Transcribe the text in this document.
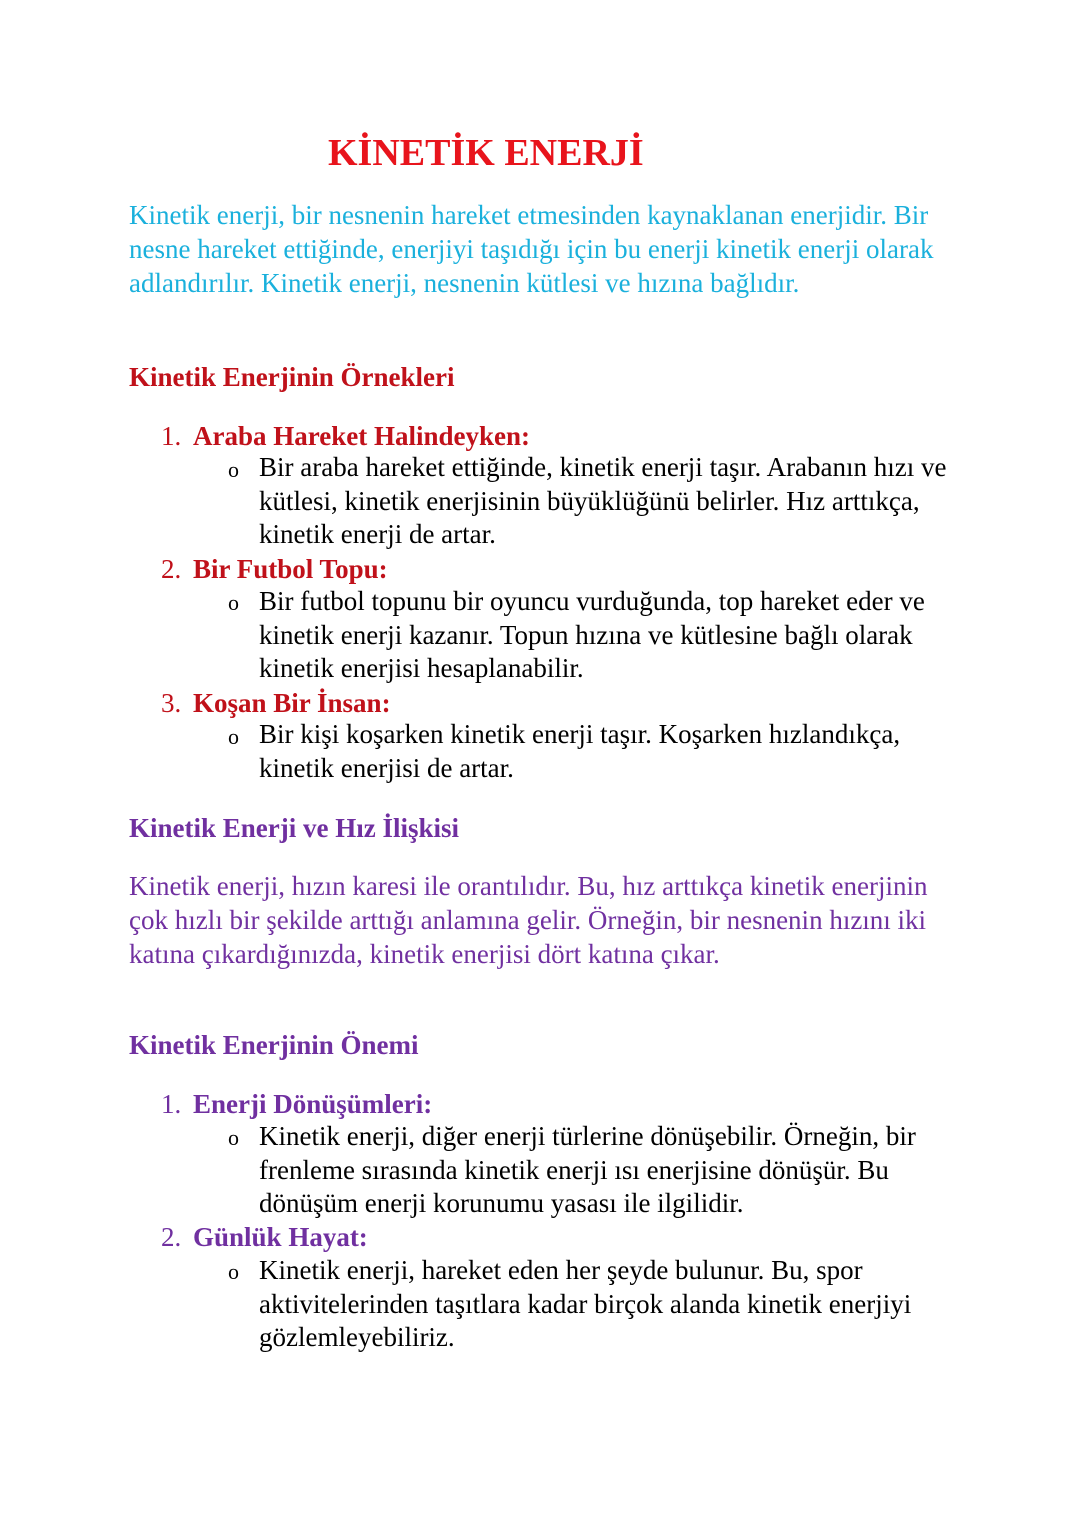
KİNETİK ENERJİ

Kinetik enerji, bir nesnenin hareket etmesinden kaynaklanan enerjidir. Bir nesne hareket ettiğinde, enerjiyi taşıdığı için bu enerji kinetik enerji olarak adlandırılır. Kinetik enerji, nesnenin kütlesi ve hızına bağlıdır.

Kinetik Enerjinin Örnekleri
1. Araba Hareket Halindeyken:
o Bir araba hareket ettiğinde, kinetik enerji taşır. Arabanın hızı ve kütlesi, kinetik enerjisinin büyüklüğünü belirler. Hız arttıkça, kinetik enerji de artar.

2. Bir Futbol Topu:
o Bir futbol topunu bir oyuncu vurduğunda, top hareket eder ve kinetik enerji kazanır. Topun hızına ve kütlesine bağlı olarak kinetik enerjisi hesaplanabilir.

3. Koşan Bir İnsan:
o Bir kişi koşarken kinetik enerji taşır. Koşarken hızlandıkça, kinetik enerjisi de artar.

Kinetik Enerji ve Hız İlişkisi

Kinetik enerji, hızın karesi ile orantılıdır. Bu, hız arttıkça kinetik enerjinin çok hızlı bir şekilde arttığı anlamına gelir. Örneğin, bir nesnenin hızını iki katına çıkardığınızda, kinetik enerjisi dört katına çıkar.

Kinetik Enerjinin Önemi
1. Enerji Dönüşümleri:
o Kinetik enerji, diğer enerji türlerine dönüşebilir. Örneğin, bir frenleme sırasında kinetik enerji ısı enerjisine dönüşür. Bu dönüşüm enerji korunumu yasası ile ilgilidir.

2. Günlük Hayat:
o Kinetik enerji, hareket eden her şeyde bulunur. Bu, spor aktivitelerinden taşıtlara kadar birçok alanda kinetik enerjiyi gözlemleyebiliriz.
